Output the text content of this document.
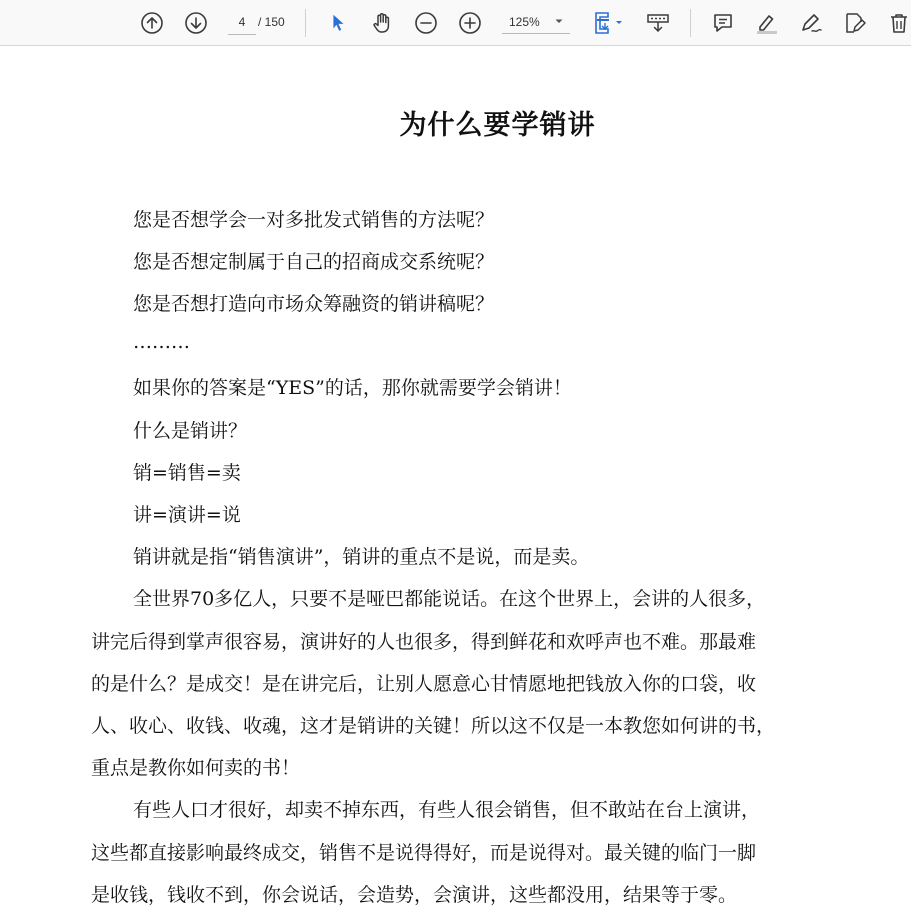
4
/ 150	125%
为什么要学销讲

您是否想学会一对多批发式销售的方法呢？

您是否想定制属于自己的招商成交系统呢？

您是否想打造向市场众筹融资的销讲稿呢？

………

如果你的答案是“YES”的话，那你就需要学会销讲！

什么是销讲？

销=销售=卖

讲=演讲=说

销讲就是指“销售演讲”，销讲的重点不是说，而是卖。

全世界70多亿人，只要不是哑巴都能说话。在这个世界上，会讲的人很多，

讲完后得到掌声很容易，演讲好的人也很多，得到鲜花和欢呼声也不难。那最难

的是什么？是成交！是在讲完后，让别人愿意心甘情愿地把钱放入你的口袋，收

人、收心、收钱、收魂，这才是销讲的关键！所以这不仅是一本教您如何讲的书，

重点是教你如何卖的书！

有些人口才很好，却卖不掉东西，有些人很会销售，但不敢站在台上演讲，

这些都直接影响最终成交，销售不是说得得好，而是说得对。最关键的临门一脚

是收钱，钱收不到，你会说话，会造势，会演讲，这些都没用，结果等于零。
